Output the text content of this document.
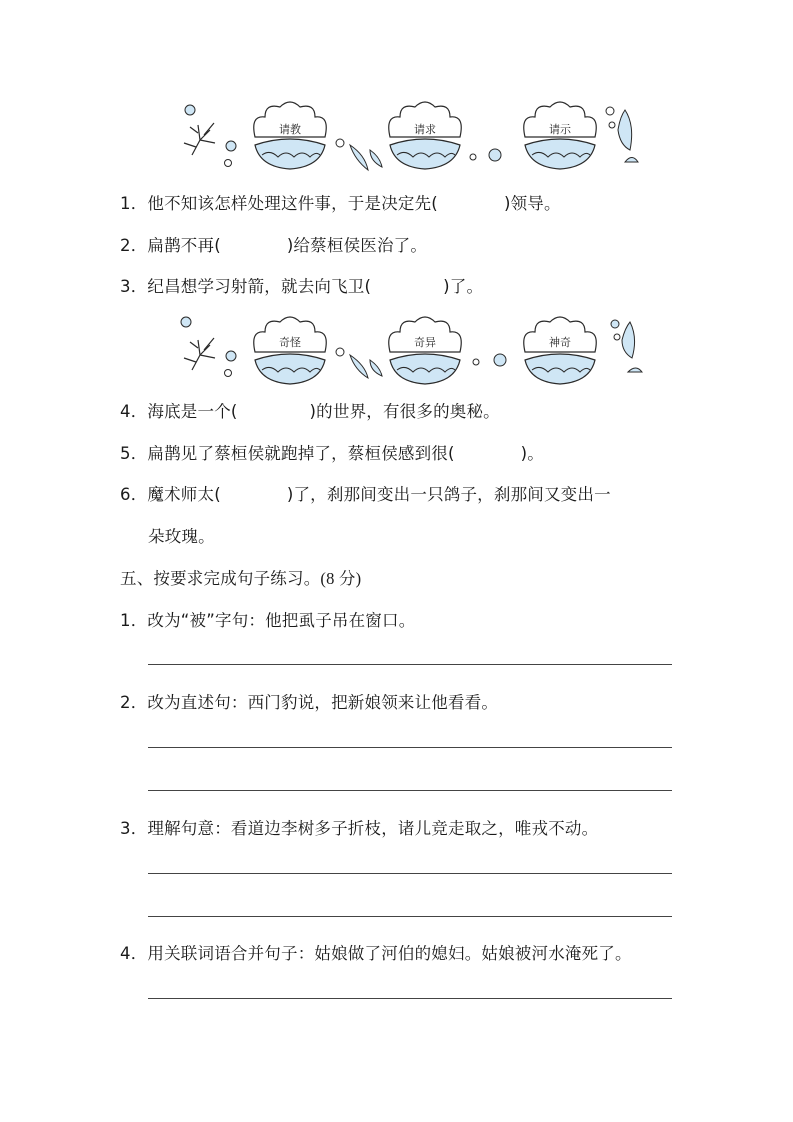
请教	请求	请示
1．他不知该怎样处理这件事，于是决定先(	)领导。
2．扁鹊不再(	)给蔡桓侯医治了。
3．纪昌想学习射箭，就去向飞卫(	)了。
奇怪	奇异	神奇
4．海底是一个(	)的世界，有很多的奥秘。
5．扁鹊见了蔡桓侯就跑掉了，蔡桓侯感到很(	)。
6．魔术师太(	)了，刹那间变出一只鸽子，刹那间又变出一
朵玫瑰。
五、按要求完成句子练习。(8 分)
1．改为“被”字句：他把虱子吊在窗口。
2．改为直述句：西门豹说，把新娘领来让他看看。
3．理解句意：看道边李树多子折枝，诸儿竞走取之，唯戎不动。
4．用关联词语合并句子：姑娘做了河伯的媳妇。姑娘被河水淹死了。
